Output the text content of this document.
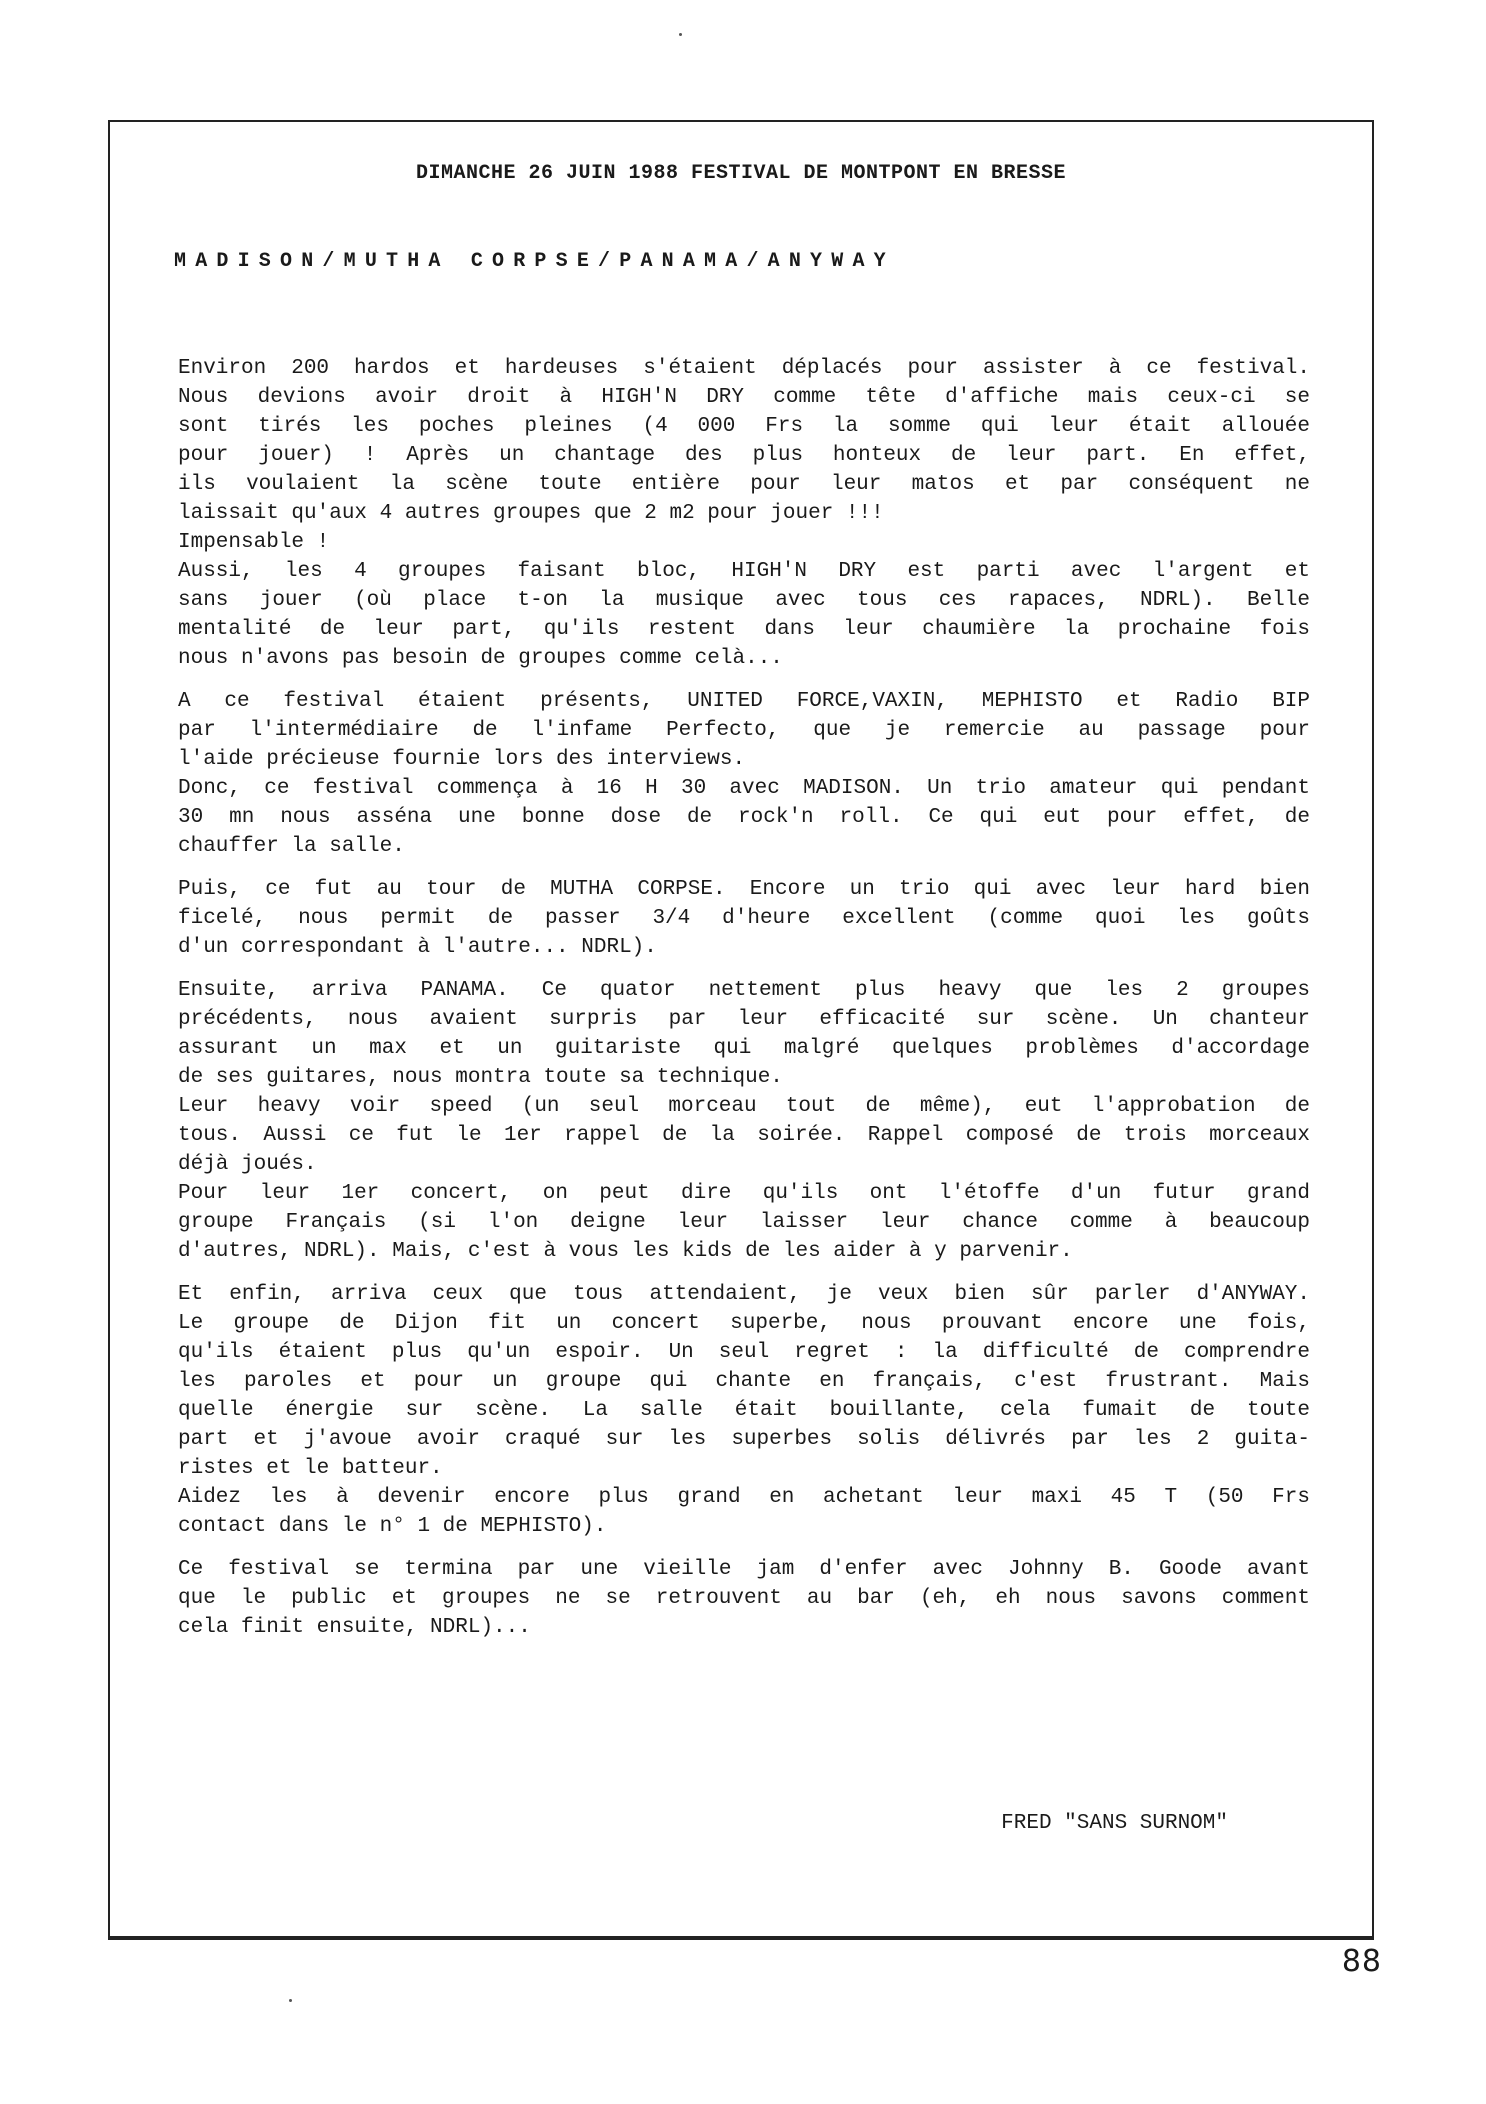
DIMANCHE 26 JUIN 1988 FESTIVAL DE MONTPONT EN BRESSE
MADISON/MUTHA CORPSE/PANAMA/ANYWAY
Environ 200 hardos et hardeuses s'étaient déplacés pour assister à ce festival.
Nous devions avoir droit à HIGH'N DRY comme tête d'affiche mais ceux-ci se
sont tirés les poches pleines (4 000 Frs la somme qui leur était allouée
pour jouer) ! Après un chantage des plus honteux de leur part. En effet,
ils voulaient la scène toute entière pour leur matos et par conséquent ne
laissait qu'aux 4 autres groupes que 2 m2 pour jouer !!!
Impensable !
Aussi, les 4 groupes faisant bloc, HIGH'N DRY est parti avec l'argent et
sans jouer (où place t-on la musique avec tous ces rapaces, NDRL). Belle
mentalité de leur part, qu'ils restent dans leur chaumière la prochaine fois
nous n'avons pas besoin de groupes comme celà...
A ce festival étaient présents, UNITED FORCE,VAXIN, MEPHISTO et Radio BIP
par l'intermédiaire de l'infame Perfecto, que je remercie au passage pour
l'aide précieuse fournie lors des interviews.
Donc, ce festival commença à 16 H 30 avec MADISON. Un trio amateur qui pendant
30 mn nous asséna une bonne dose de rock'n roll. Ce qui eut pour effet, de
chauffer la salle.
Puis, ce fut au tour de MUTHA CORPSE. Encore un trio qui avec leur hard bien
ficelé, nous permit de passer 3/4 d'heure excellent (comme quoi les goûts
d'un correspondant à l'autre... NDRL).
Ensuite, arriva PANAMA. Ce quator nettement plus heavy que les 2 groupes
précédents, nous avaient surpris par leur efficacité sur scène. Un chanteur
assurant un max et un guitariste qui malgré quelques problèmes d'accordage
de ses guitares, nous montra toute sa technique.
Leur heavy voir speed (un seul morceau tout de même), eut l'approbation de
tous. Aussi ce fut le 1er rappel de la soirée. Rappel composé de trois morceaux
déjà joués.
Pour leur 1er concert, on peut dire qu'ils ont l'étoffe d'un futur grand
groupe Français (si l'on deigne leur laisser leur chance comme à beaucoup
d'autres, NDRL). Mais, c'est à vous les kids de les aider à y parvenir.
Et enfin, arriva ceux que tous attendaient, je veux bien sûr parler d'ANYWAY.
Le groupe de Dijon fit un concert superbe, nous prouvant encore une fois,
qu'ils étaient plus qu'un espoir. Un seul regret : la difficulté de comprendre
les paroles et pour un groupe qui chante en français, c'est frustrant. Mais
quelle énergie sur scène. La salle était bouillante, cela fumait de toute
part et j'avoue avoir craqué sur les superbes solis délivrés par les 2 guita-
ristes et le batteur.
Aidez les à devenir encore plus grand en achetant leur maxi 45 T (50 Frs
contact dans le n° 1 de MEPHISTO).
Ce festival se termina par une vieille jam d'enfer avec Johnny B. Goode avant
que le public et groupes ne se retrouvent au bar (eh, eh nous savons comment
cela finit ensuite, NDRL)...
FRED "SANS SURNOM"
88
